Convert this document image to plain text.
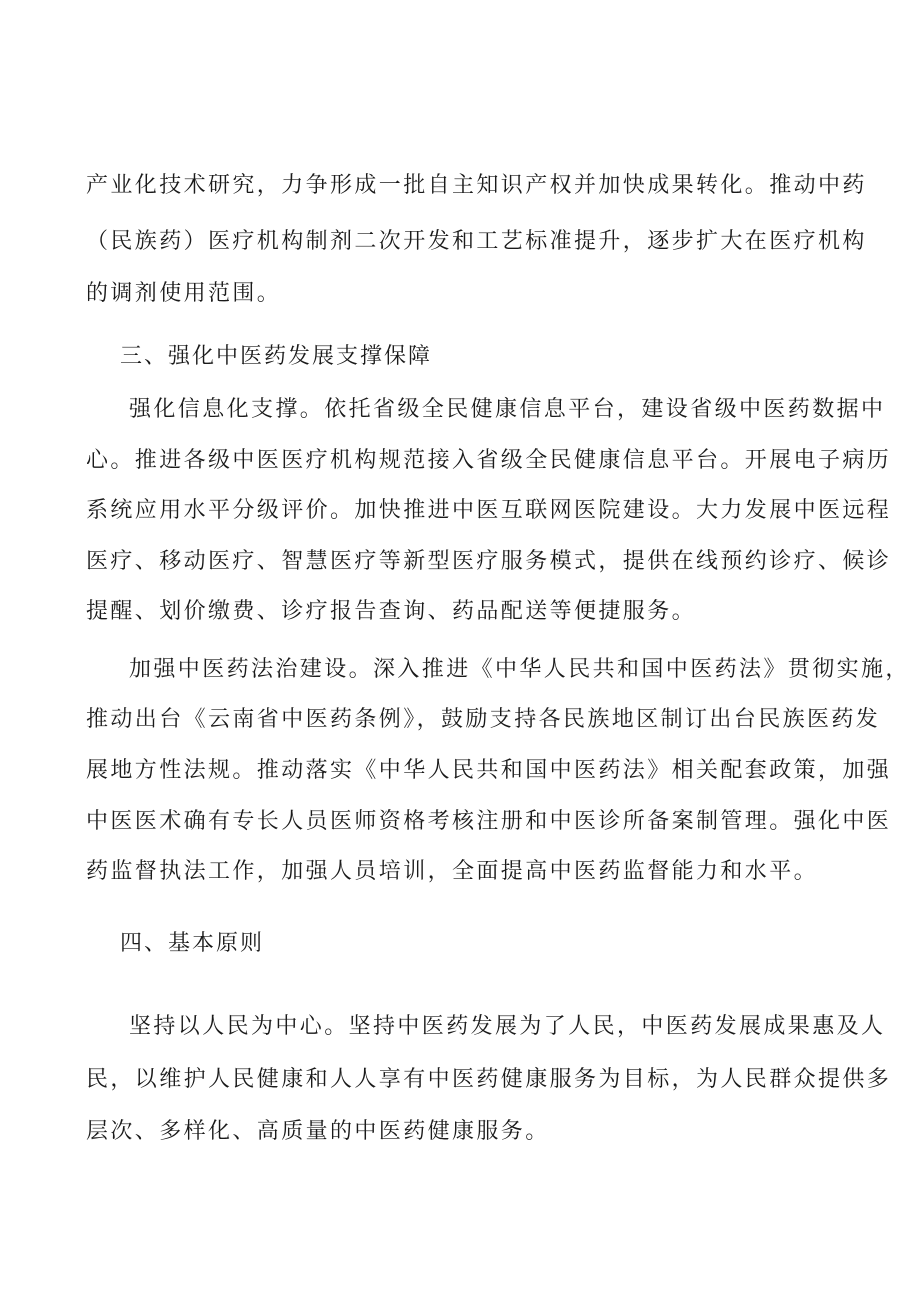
产业化技术研究，力争形成一批自主知识产权并加快成果转化。推动中药
（民族药）医疗机构制剂二次开发和工艺标准提升，逐步扩大在医疗机构
的调剂使用范围。
三、强化中医药发展支撑保障
强化信息化支撑。依托省级全民健康信息平台，建设省级中医药数据中
心。推进各级中医医疗机构规范接入省级全民健康信息平台。开展电子病历
系统应用水平分级评价。加快推进中医互联网医院建设。大力发展中医远程
医疗、移动医疗、智慧医疗等新型医疗服务模式，提供在线预约诊疗、候诊
提醒、划价缴费、诊疗报告查询、药品配送等便捷服务。
加强中医药法治建设。深入推进《中华人民共和国中医药法》贯彻实施，
推动出台《云南省中医药条例》，鼓励支持各民族地区制订出台民族医药发
展地方性法规。推动落实《中华人民共和国中医药法》相关配套政策，加强
中医医术确有专长人员医师资格考核注册和中医诊所备案制管理。强化中医
药监督执法工作，加强人员培训，全面提高中医药监督能力和水平。
四、基本原则
坚持以人民为中心。坚持中医药发展为了人民，中医药发展成果惠及人
民，以维护人民健康和人人享有中医药健康服务为目标，为人民群众提供多
层次、多样化、高质量的中医药健康服务。
